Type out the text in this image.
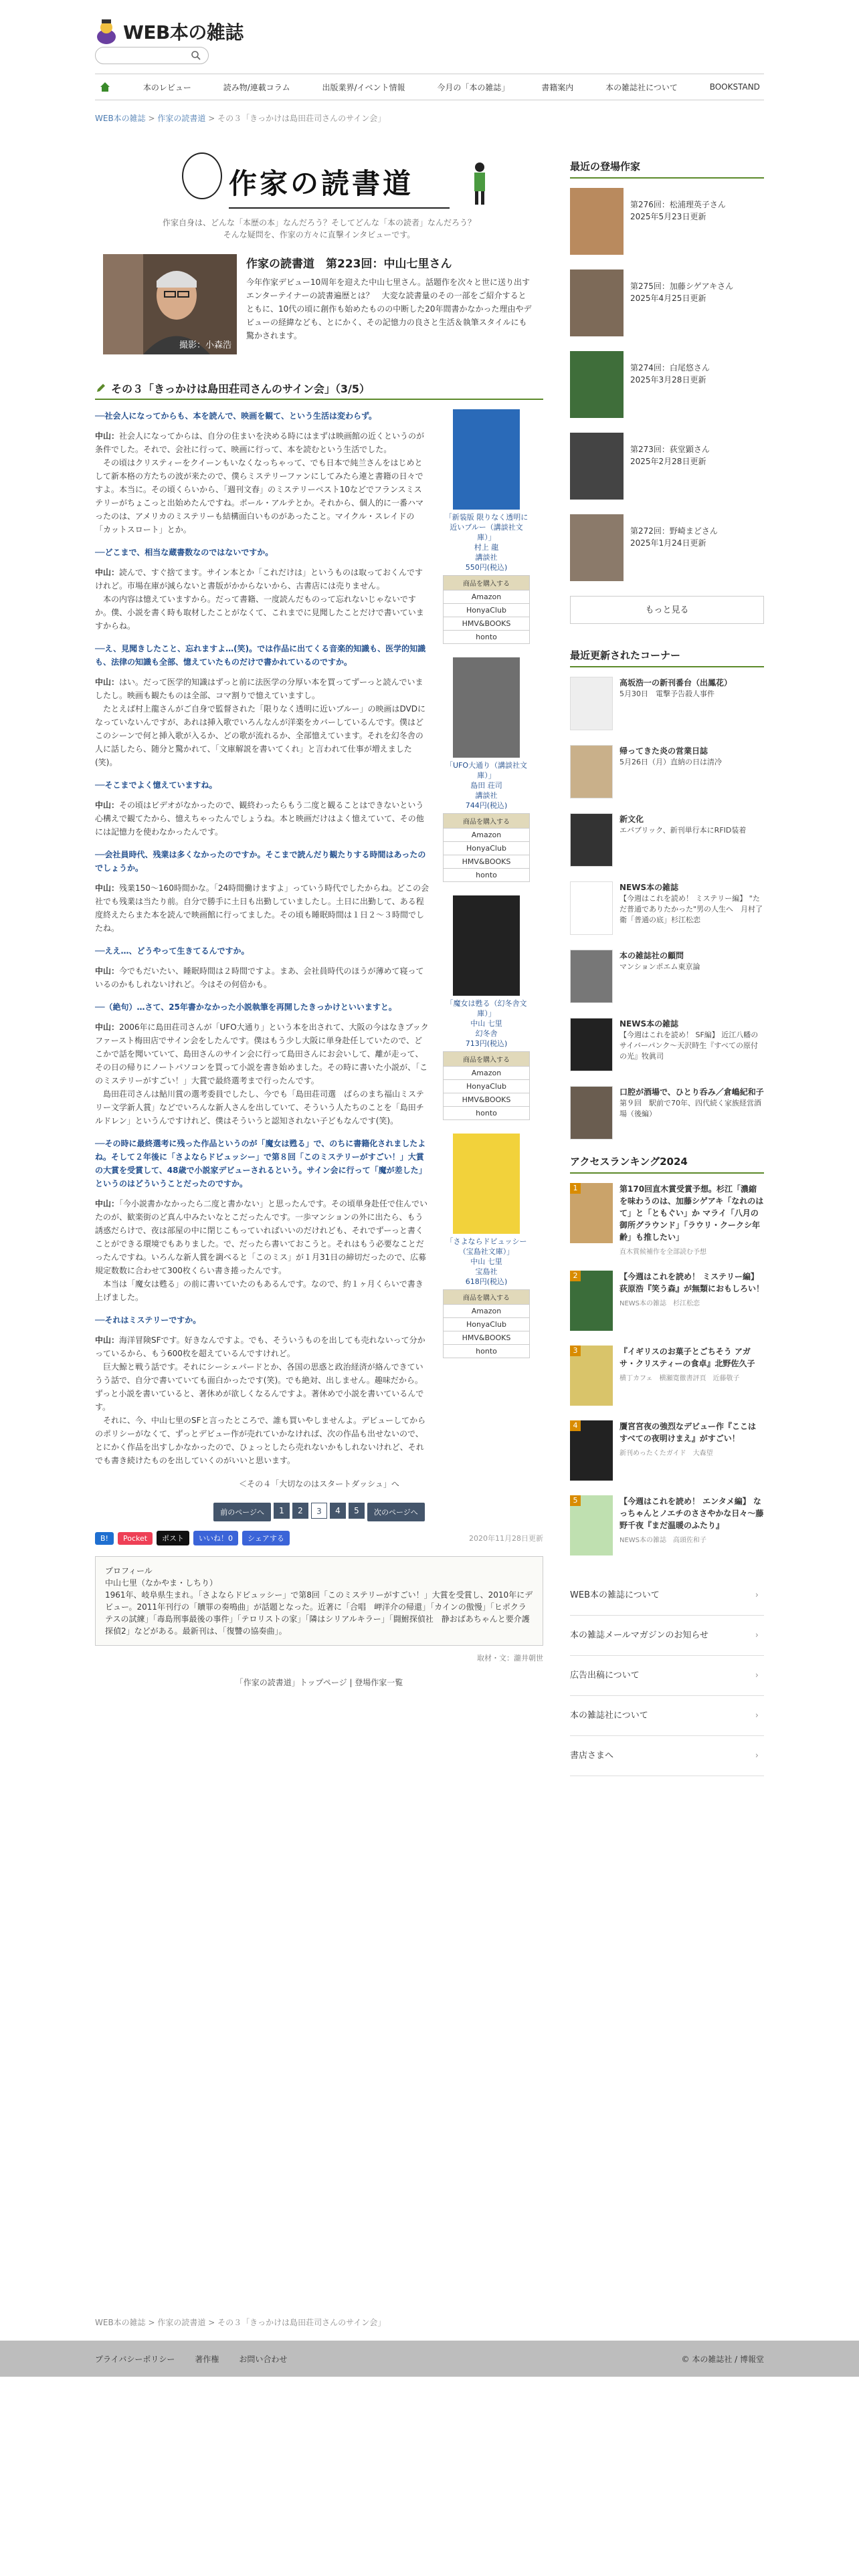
WEB本の雑誌
本のレビュー	読み物/連載コラム	出版業界/イベント情報	今月の「本の雑誌」	書籍案内	本の雑誌社について	BOOKSTAND
WEB本の雑誌 > 作家の読書道 > その３「きっかけは島田荘司さんのサイン会」
作家の読書道
作家自身は、どんな「本歴の本」なんだろう？そしてどんな「本の読者」なんだろう？
そんな疑問を、作家の方々に直撃インタビューです。
撮影：小森浩
作家の読書道　第223回：中山七里さん
今年作家デビュー10周年を迎えた中山七里さん。話題作を次々と世に送り出すエンターテイナーの読書遍歴とは？　大変な読書量のその一部をご紹介するとともに、10代の頃に創作も始めたものの中断した20年間書かなかった理由やデビューの経緯なども、とにかく、その記憶力の良さと生活＆執筆スタイルにも驚かされます。
その３「きっかけは島田荘司さんのサイン会」（3/5）
──社会人になってからも、本を読んで、映画を観て、という生活は変わらず。

中山：社会人になってからは、自分の住まいを決める時にはまずは映画館の近くというのが条件でした。それで、会社に行って、映画に行って、本を読むという生活でした。

その頃はクリスティーをクイーンもいなくなっちゃって、でも日本で純兰さんをはじめとして新本格の方たちの波が来たので、僕らミステリーファンにしてみたら連と書籍の日々ですよ。本当に。その頃くらいから、「週刊文春」のミステリーベスト10などでフランスミステリーがちょこっと出始めたんですね。ポール・アルテとか。それから、個人的に一番ハマったのは、アメリカのミステリーも結構面白いものがあったこと。マイクル・スレイドの「カットスロート」とか。

──どこまで、相当な蔵書数なのではないですか。

中山：読んで、すぐ捨てます。サイン本とか「これだけは」というものは取っておくんですけれど。市場在庫が減らないと書版がかからないから、古書店には売りません。

本の内容は憶えていますから。だって書籍、一度読んだものって忘れないじゃないですか。僕、小説を書く時も取材したことがなくて、これまでに見聞したことだけで書いていますからね。

──え、見聞きしたこと、忘れますよ…(笑)。では作品に出てくる音楽的知識も、医学的知識も、法律の知識も全部、憶えていたものだけで書かれているのですか。

中山：はい。だって医学的知識はずっと前に法医学の分厚い本を買ってずーっと読んでいましたし。映画も観たものは全部、コマ割りで憶えていますし。

たとえば村上龍さんがご自身で監督された「限りなく透明に近いブルー」の映画はDVDになっていないんですが、あれは挿入歌でいろんなんが洋楽をカバーしているんです。僕はどこのシーンで何と挿入歌が入るか、どの歌が流れるか、全部憶えています。それを幻冬舎の人に話したら、随分と驚かれて、「文庫解説を書いてくれ」と言われて仕事が増えました(笑)。

──そこまでよく憶えていますね。

中山：その頃はビデオがなかったので、観終わったらもう二度と観ることはできないという心構えで観てたから、憶えちゃったんでしょうね。本と映画だけはよく憶えていて、その他には記憶力を使わなかったんです。

──会社員時代、残業は多くなかったのですか。そこまで読んだり観たりする時間はあったのでしょうか。

中山：残業150〜160時間かな。「24時間働けますよ」っていう時代でしたからね。どこの会社でも残業は当たり前。自分で勝手に土日も出勤していましたし。土日に出勤して、ある程度終えたらまた本を読んで映画館に行ってました。その頃も睡眠時間は１日２〜３時間でしたね。

──ええ…、どうやって生きてるんですか。

中山：今でもだいたい、睡眠時間は２時間ですよ。まあ、会社員時代のほうが薄めて寝っているのかもしれないけれど。今はその何倍かも。

──（絶句）…さて、25年書かなかった小説執筆を再開したきっかけといいますと。

中山：2006年に島田荘司さんが「UFO大通り」という本を出されて、大阪の今はなきブックファースト梅田店でサイン会をしたんです。僕はもう少し大阪に単身赴任していたので、どこかで話を聞いていて、島田さんのサイン会に行って島田さんにお会いして、離が走って、その日の帰りにノートパソコンを買って小説を書き始めました。その時に書いた小説が、「このミステリーがすごい！」大賞で最終選考まで行ったんです。

島田荘司さんは鮎川賞の選考委員でしたし、今でも「島田荘司選　ばらのまち福山ミステリー文学新人賞」などでいろんな新人さんを出していて、そういう人たちのことを「島田チルドレン」というんですけれど、僕はそういうと認知されない子どもなんです(笑)。

──その時に最終選考に残った作品というのが「魔女は甦る」で、のちに書籍化されましたよね。そして２年後に「さよならドビュッシー」で第８回「このミステリーがすごい！」大賞の大賞を受賞して、48歳で小説家デビューされるという。サイン会に行って「魔が差した」というのはどういうことだったのですか。

中山：「今小説書かなかったら二度と書かない」と思ったんです。その頃単身赴任で住んでいたのが、歓楽街のど真ん中みたいなとこだったんです。一歩マンションの外に出たら、もう誘惑だらけで、夜は部屋の中に閉じこもっていればいいのだけれども、それでずーっと書くことができる環境でもありました。で、だったら書いておこうと。それはもう必要なことだったんですね。いろんな新人賞を調べると「このミス」が１月31日の締切だったので、広募規定数数に合わせて300枚くらい書き捲ったんです。

本当は「魔女は甦る」の前に書いていたのもあるんです。なので、約１ヶ月くらいで書き上げました。

──それはミステリーですか。

中山：海洋冒険SFです。好きなんですよ。でも、そういうものを出しても売れないって分かっているから、もう600枚を超えているんですけれど。

巨大鯨と戦う話です。それにシーシェパードとか、各国の思惑と政治経済が絡んできていうう話で、自分で書いていても面白かったです(笑)。でも絶対、出しません。趣味だから。ずっと小説を書いていると、著休めが欲しくなるんですよ。著休めで小説を書いているんです。

それに、今、中山七里のSFと言ったところで、誰も買いやしませんよ。デビューしてからのポリシーがなくて、ずっとデビュー作が売れていかなければ、次の作品も出せないので、とにかく作品を出すしかなかったので、ひょっとしたら売れないかもしれないけれど、それでも書き続けたものを出していくのがいいと思います。

「新装版 限りなく透明に近いブルー（講談社文庫）」
村上 龍
講談社
550円(税込)
商品を購入する
Amazon
HonyaClub
HMV&BOOKS
honto
「UFO大通り（講談社文庫）」
島田 荘司
講談社
744円(税込)
商品を購入する
Amazon
HonyaClub
HMV&BOOKS
honto
「魔女は甦る（幻冬舎文庫）」
中山 七里
幻冬舎
713円(税込)
商品を購入する
Amazon
HonyaClub
HMV&BOOKS
honto
「さよならドビュッシー（宝島社文庫）」
中山 七里
宝島社
618円(税込)
商品を購入する
Amazon
HonyaClub
HMV&BOOKS
honto
＜その４「大切なのはスタートダッシュ」へ
前のページへ	1	2	3	4	5	次のページへ
B!	Pocket	ポスト	いいね！0	シェアする	2020年11月28日更新
プロフィール
中山七里（なかやま・しちり）
1961年、岐阜県生まれ。「さよならドビュッシー」で第8回「このミステリーがすごい！」大賞を受賞し、2010年にデビュー。2011年刊行の「贖罪の奏鳴曲」が話題となった。近著に「合唱　岬洋介の帰還」「カインの傲慢」「ヒポクラテスの試練」「毒島刑事最後の事件」「テロリストの家」「隣はシリアルキラー」「闘鮒探偵社　静おばあちゃんと要介護探偵2」などがある。最新刊は、「復讐の協奏曲」。
取材・文：瀧井朝世
「作家の読書道」トップページ | 登場作家一覧
最近の登場作家
第276回：松浦理英子さん
2025年5月23日更新
第275回：加藤シゲアキさん
2025年4月25日更新
第274回：白尾悠さん
2025年3月28日更新
第273回：荻堂顕さん
2025年2月28日更新
第272回：野崎まどさん
2025年1月24日更新
もっと見る
最近更新されたコーナー
高坂浩一の新刊番台（出鳳花）
5月30日　電撃予告殺人事件
帰ってきた炎の営業日誌
5月26日（月）直納の日は清冷
新文化
エバブリック、新刊単行本にRFID装着
NEWS本の雑誌
【今週はこれを読め！ ミステリー編】 "ただ普通でありたかった"男の人生へ　月村了衛「普通の底」杉江松恋
本の雑誌社の顧問
マンションポエム東京論
NEWS本の雑誌
【今週はこれを読め！ SF編】 近江八幡のサイバーパンク〜天沢時生『すべての原付の光』牧眞司
口腔が酒場で、ひとり呑み／倉嶋紀和子
第９回　駅前で70年、四代続く家族経営酒場（後編）
アクセスランキング2024
1	第170回直木賞受賞予想。杉江「濃縮を味わうのは、加藤シゲアキ「なれのはて」と「ともぐい」か マライ「八月の御所グラウンド」「ラウリ・クークシ年齢」も推したい」
直木賞候補作を全部読む予想
2	【今週はこれを読め！ ミステリー編】 荻原浩『笑う森』が無類におもしろい！
NEWS本の雑誌　杉江松恋
3	『イギリスのお菓子とごちそう アガサ・クリスティーの食卓』北野佐久子
横丁カフェ　横瀬寛徹書評頁　近藤敬子
4	贋宮宮夜の強烈なデビュー作『ここはすべての夜明けまえ』がすごい！
新刊めったくたガイド　大森望
5	【今週はこれを読め！ エンタメ編】 なっちゃんとノエチのささやかな日々〜藤野千夜『まだ温暖のふたり』
NEWS本の雑誌　高頭佐和子
WEB本の雑誌について ›
本の雑誌メールマガジンのお知らせ ›
広告出稿について ›
本の雑誌社について ›
書店さまへ ›
WEB本の雑誌 > 作家の読書道 > その３「きっかけは島田荘司さんのサイン会」
プライバシーポリシー	著作権	お問い合わせ	© 本の雑誌社 / 博報堂
